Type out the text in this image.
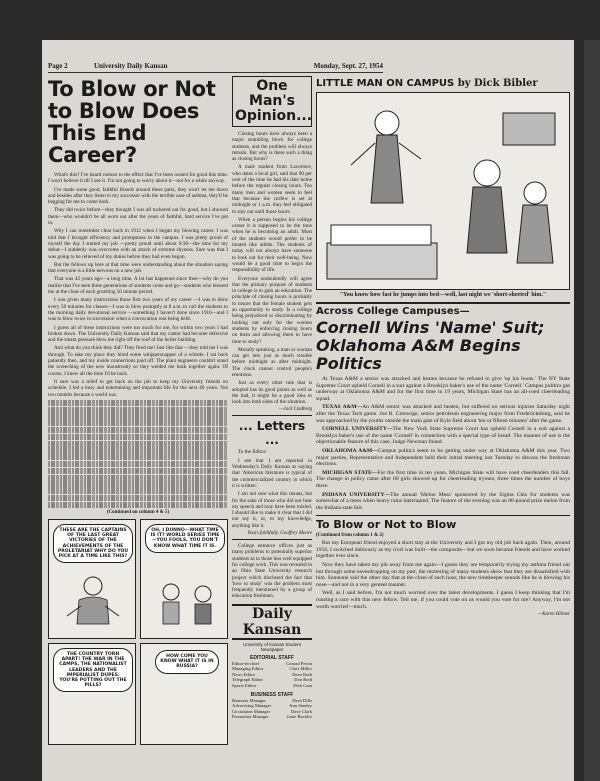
Page 2	University Daily Kansan	Monday, Sept. 27, 1954
To Blow or Not to Blow Does This End Career?

What's this? I've heard rumors to the effect that I've been ousted for good this time. I won't believe it till I see it. I'm not going to worry about it—not for a while anyway.

I've made some good, faithful friends around these parts, they won't let me down and besides after they listen to my successor with the terrible case of asthma, they'll be begging for me to come back.

They did twice before—they thought I was all tuckered out for good, but I showed them—who wouldn't be all worn out after the years of faithful, hard service I've put in.

Why I can remember clear back in 1912 when I began my blowing career. I was told that I brought efficiency and promptness to the campus. I was pretty proud of myself the day I started my job —pretty proud until about 8:30—the time for my debut—I suddenly was overcome with an attack of extreme shyness. Sure was that I was going to be relieved of my duties before they had even begun.

But the fellows up here at that time were understanding about the situation saying that everyone is a little nervous on a new job.

That was 42 years ago—a long time. A lot has happened since then—why do you realize that I've seen three generations of students come and go—students who blessed me at the close of each gruelling 50 minute period.

I was given many instructions those first two years of my career —I was to blow every 50 minutes for classes—I was to blow promptly at 8 a.m. to call the students to the morning daily devotional service —something I haven't done since 1916—and I was to blow twice in succession when a convocation was being held.

I guess all of these instructions were too much for me, for within two years I had broken down. The University Daily Kansan said that my cantor had become defective and the steam pressure blew me right off the roof of the boiler building.

And what do you think they did? They fired me! Just like that —they told me I was through. To take my place they hired some whippersnapper of a whistle. I sat back patiently then, and my inside connections paid off. The plant engineers couldn't stand the screeching of the new monstrosity so they welded me back together again. Of course, I knew all the time I'd be back.

It sure was a relief to get back on the job to keep my University friends on schedule. I led a busy and entertaining and important life for the next 40 years. Not two months because a world war.

(Continued on column 4 & 5)
THESE ARE THE CAPTAINS OF THE LAST GREAT VICTORIES OF THE ACHIEVEMENTS OF THE PROLETARIAT WHY DO YOU PICK AT A TIME LIKE THIS?
OH, I DUNNO—WHAT TIME IS IT? WORLD SERIES TIME—YOU FOOLS, YOU DON'T KNOW WHAT TIME IT IS.
THE COUNTRY TORN APART! THE WAR IN THE CAMPS, THE NATIONALIST LEADERS AND THE IMPERIALIST DUPES. YOU'RE PUTTING OUT THE PILLS?
HOW COME YOU KNOW WHAT IT IS IN RUSSIA?
One Man's Opinion...

Closing hours have always been a major stumbling block for college students, and the problem will always remain. But why is there such a thing as closing hours?

A male student from Lawrence, who dates a local girl, said that 90 per cent of the time he had his date home before the regular closing hours. Too many men and women seem to feel that because the curfew is set at midnight or 1 a.m. they feel obligated to stay out until those hours.

When a person begins his college career it is supposed to be the time when he is becoming an adult. Most of the students would prefer to be treated like adults. The students of today will not always have someone to look out for their well-being. Now would be a good time to begin the responsibility of life.

Everyone undoubtedly will agree that the primary purpose of students in college is to gain an education. The principle of closing hours is probably to insure that the female student gets an opportunity to study. Is a college being prejudiced or discriminating by looking out only for the women students by enforcing closing hours on them and allowing them to have time to study?

Morally speaking, a man or woman can get into just as much trouble before midnight as after midnight. The clock cannot control people's emotions.

Just as every other rule that is adopted has its good points as well as the bad, it might be a good idea to look into both sides of the situation.

—Jack Lindberg
... Letters ...

To the Editor:

I see that I am reported in Wednesday's Daily Kansan as saying that 'American literature is typical of the commercialized country in which it is written.'

I am not sure what this means, but for the sake of those who did not hear my speech and may have been misled, I should like to make it clear that I did not say it, or, to my knowledge, anything like it.

Yours faithfully, Geoffrey Moore

College entrance offices just as many problems to potentially superior students as to those less well equipped for college work. This was revealed in an Ohio State University research project which disclosed the fact that 'how to study' was the problem most frequently mentioned by a group of education freshmen.

Daily Kansan
University of Kansas Student Newspaper
EDITORIAL STAFF
Editor-in-chief	Conrad Perrin
Managing Editor	Chris Miller
News Editor	Dave Roth
Telegraph Editor	Don Reid
Sports Editor	Dick Cain
BUSINESS STAFF
Business Manager	Dave Dills
Advertising Manager	Ann Stanley
Circulation Manager	Dave Clark
Promotion Manager	Gene Buckler
LITTLE MAN ON CAMPUS by Dick Bibler
"You know how fast he jumps into bed—well, last night we 'short-sheeted' him."
Across College Campuses—
Cornell Wins 'Name' Suit; Oklahoma A&M Begins Politics

At Texas A&M a senior was attacked and beaten because he refused to give 'up his boots.' The NY State Supreme Court upheld Cornell in a suit against a Brooklyn baker's use of the name 'Cornell.' Campus politics got underway at Oklahoma A&M and for the first time in 19 years, Michigan State has an all-coed cheerleading squad.

TEXAS A&M—An A&M senior was attacked and beaten, but suffered no serious injuries Saturday night after the Texas Tech game. Joe R. Crenwige, senior petroleum engineering major from Fredericksburg, said he was approached by the youths outside the main gate of Kyle field about 'ten or fifteen minutes' after the game.

CORNELL UNIVERSITY—The New York State Supreme Court has upheld Cornell in a suit against a Brooklyn baker's use of the name 'Cornell' in connection with a special type of bread. The manner of use is the objectionable feature of this case, Judge Newman found.

OKLAHOMA A&M—Campus politics seem to be getting under way at Oklahoma A&M this year. Two major parties, Representative and Independent held their initial meeting last Tuesday to discuss the freshman elections.

MICHIGAN STATE—For the first time in ten years, Michigan State will have coed cheerleaders this fall. The change in policy came after 60 girls showed up for cheerleading tryouts, three times the number of boys there.

INDIANA UNIVERSITY—The annual 'Melon Mess' sponsored by the Sigma Chis for students was somewhat of a mess when heavy rains interrupted. The feature of the evening was an 86-pound prize melon from the Indiana state fair.

To Blow or Not to Blow
(Continued from column 1 & 2)

But my European friend enjoyed a short stay at the University and I got my old job back again. Then, around 1950, I switched dubiously as my rival was built—the composite—but we soon became friends and have worked together ever since.

Now they have taken my job away from me again—I guess they are temporarily trying my asthma friend out but through some eavesdropping on my part, the muttering of many students show that they are dissatisfied with him. Someone said the other day that at the close of each hour, the new timekeeper sounds like he is blowing his nose—and not in a very genteel manner.

Well, as I said before, I'm not much worried over the latest developments. I guess I keep thinking that I'm running a race with this new fellow. Tell me, if you could vote on us would you vote for me? Anyway, I'm not worth worried—much.

—Karen Hilmer
